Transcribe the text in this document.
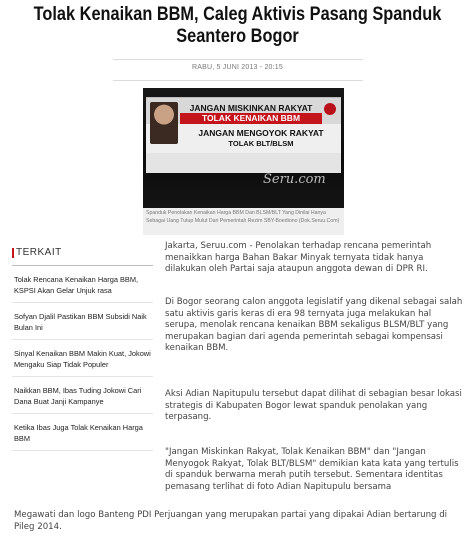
Tolak Kenaikan BBM, Caleg Aktivis Pasang Spanduk Seantero Bogor
RABU, 5 JUNI 2013 - 20:15
JANGAN MISKINKAN RAKYAT
TOLAK KENAIKAN BBM
JANGAN MENGOYOK RAKYAT
TOLAK BLT/BLSM
Seru.com
Spanduk Penolakan Kenaikan Harga BBM Dan BLSM/BLT Yang Dinilai Hanya Sebagai Uang Tutup Mulut Dari Pemerintah Rezim SBY-Boediono (Dok.Seruu.Com)
TERKAIT
Tolak Rencana Kenaikan Harga BBM, KSPSI Akan Gelar Unjuk rasa
Sofyan Djalil Pastikan BBM Subsidi Naik Bulan Ini
Sinyal Kenaikan BBM Makin Kuat, Jokowi Mengaku Siap Tidak Populer
Naikkan BBM, Ibas Tuding Jokowi Cari Dana Buat Janji Kampanye
Ketika Ibas Juga Tolak Kenaikan Harga BBM

Jakarta, Seruu.com - Penolakan terhadap rencana pemerintah menaikkan harga Bahan Bakar Minyak ternyata tidak hanya dilakukan oleh Partai saja ataupun anggota dewan di DPR RI.

Di Bogor seorang calon anggota legislatif yang dikenal sebagai salah satu aktivis garis keras di era 98 ternyata juga melakukan hal serupa, menolak rencana kenaikan BBM sekaligus BLSM/BLT yang merupakan bagian dari agenda pemerintah sebagai kompensasi kenaikan BBM.

Aksi Adian Napitupulu tersebut dapat dilihat di sebagian besar lokasi strategis di Kabupaten Bogor lewat spanduk penolakan yang terpasang.

"Jangan Miskinkan Rakyat, Tolak Kenaikan BBM" dan "Jangan Menyogok Rakyat, Tolak BLT/BLSM" demikian kata kata yang tertulis di spanduk berwarna merah putih tersebut. Sementara identitas pemasang terlihat di foto Adian Napitupulu bersama

Megawati dan logo Banteng PDI Perjuangan yang merupakan partai yang dipakai Adian bertarung di Pileg 2014.
